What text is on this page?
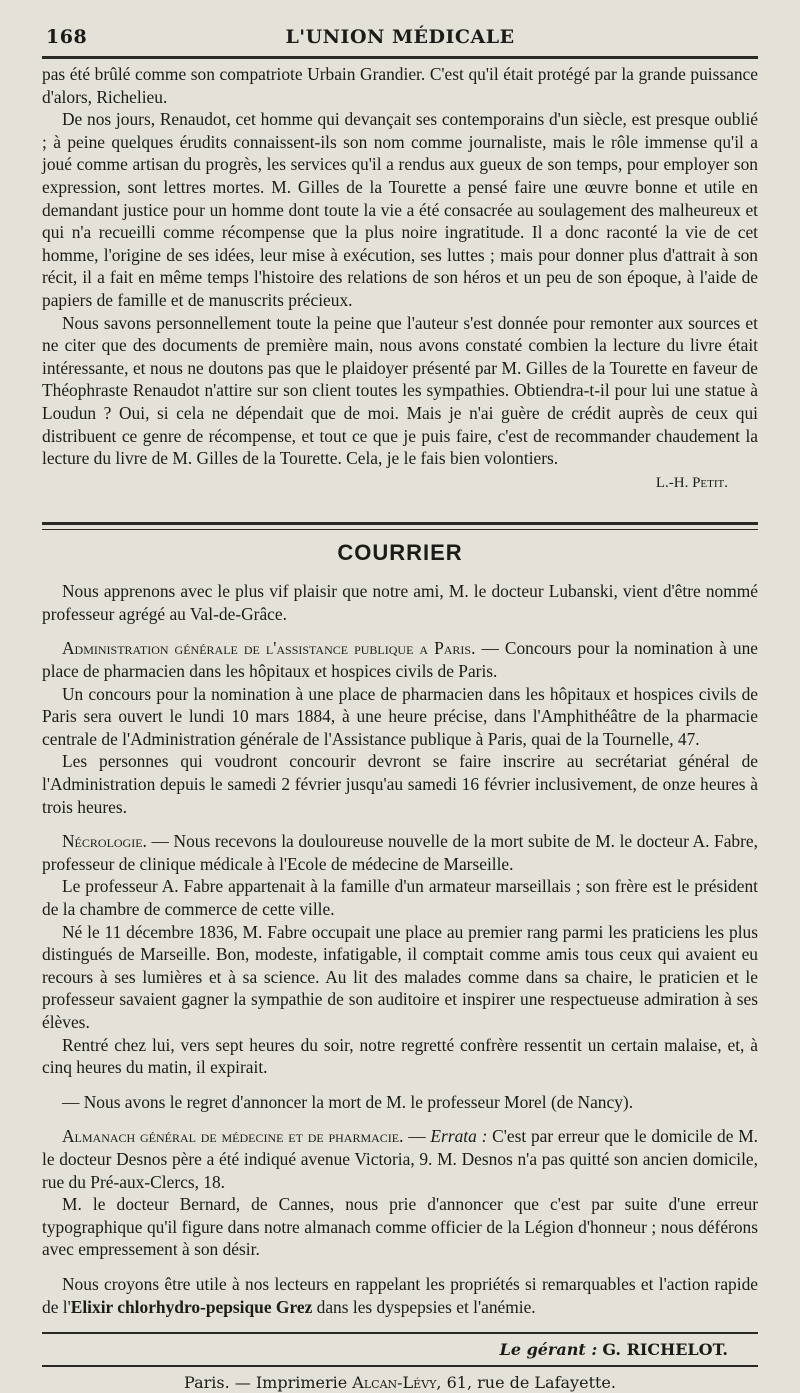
168	L'UNION MÉDICALE

pas été brûlé comme son compatriote Urbain Grandier. C'est qu'il était protégé par la grande puissance d'alors, Richelieu.

De nos jours, Renaudot, cet homme qui devançait ses contemporains d'un siècle, est presque oublié ; à peine quelques érudits connaissent-ils son nom comme journaliste, mais le rôle immense qu'il a joué comme artisan du progrès, les services qu'il a rendus aux gueux de son temps, pour employer son expression, sont lettres mortes. M. Gilles de la Tourette a pensé faire une œuvre bonne et utile en demandant justice pour un homme dont toute la vie a été consacrée au soulagement des malheureux et qui n'a recueilli comme récompense que la plus noire ingratitude. Il a donc raconté la vie de cet homme, l'origine de ses idées, leur mise à exécution, ses luttes ; mais pour donner plus d'attrait à son récit, il a fait en même temps l'histoire des relations de son héros et un peu de son époque, à l'aide de papiers de famille et de manuscrits précieux.

Nous savons personnellement toute la peine que l'auteur s'est donnée pour remonter aux sources et ne citer que des documents de première main, nous avons constaté combien la lecture du livre était intéressante, et nous ne doutons pas que le plaidoyer présenté par M. Gilles de la Tourette en faveur de Théophraste Renaudot n'attire sur son client toutes les sympathies. Obtiendra-t-il pour lui une statue à Loudun ? Oui, si cela ne dépendait que de moi. Mais je n'ai guère de crédit auprès de ceux qui distribuent ce genre de récompense, et tout ce que je puis faire, c'est de recommander chaudement la lecture du livre de M. Gilles de la Tourette. Cela, je le fais bien volontiers.

L.-H. Petit.
COURRIER

Nous apprenons avec le plus vif plaisir que notre ami, M. le docteur Lubanski, vient d'être nommé professeur agrégé au Val-de-Grâce.

Administration générale de l'assistance publique a Paris. — Concours pour la nomination à une place de pharmacien dans les hôpitaux et hospices civils de Paris.

Un concours pour la nomination à une place de pharmacien dans les hôpitaux et hospices civils de Paris sera ouvert le lundi 10 mars 1884, à une heure précise, dans l'Amphithéâtre de la pharmacie centrale de l'Administration générale de l'Assistance publique à Paris, quai de la Tournelle, 47.

Les personnes qui voudront concourir devront se faire inscrire au secrétariat général de l'Administration depuis le samedi 2 février jusqu'au samedi 16 février inclusivement, de onze heures à trois heures.

Nécrologie. — Nous recevons la douloureuse nouvelle de la mort subite de M. le docteur A. Fabre, professeur de clinique médicale à l'Ecole de médecine de Marseille.

Le professeur A. Fabre appartenait à la famille d'un armateur marseillais ; son frère est le président de la chambre de commerce de cette ville.

Né le 11 décembre 1836, M. Fabre occupait une place au premier rang parmi les praticiens les plus distingués de Marseille. Bon, modeste, infatigable, il comptait comme amis tous ceux qui avaient eu recours à ses lumières et à sa science. Au lit des malades comme dans sa chaire, le praticien et le professeur savaient gagner la sympathie de son auditoire et inspirer une respectueuse admiration à ses élèves.

Rentré chez lui, vers sept heures du soir, notre regretté confrère ressentit un certain malaise, et, à cinq heures du matin, il expirait.

— Nous avons le regret d'annoncer la mort de M. le professeur Morel (de Nancy).

Almanach général de médecine et de pharmacie. — Errata : C'est par erreur que le domicile de M. le docteur Desnos père a été indiqué avenue Victoria, 9. M. Desnos n'a pas quitté son ancien domicile, rue du Pré-aux-Clercs, 18.

M. le docteur Bernard, de Cannes, nous prie d'annoncer que c'est par suite d'une erreur typographique qu'il figure dans notre almanach comme officier de la Légion d'honneur ; nous déférons avec empressement à son désir.

Nous croyons être utile à nos lecteurs en rappelant les propriétés si remarquables et l'action rapide de l'Elixir chlorhydro-pepsique Grez dans les dyspepsies et l'anémie.

Le gérant : G. RICHELOT.
Paris. — Imprimerie Alcan-Lévy, 61, rue de Lafayette.
